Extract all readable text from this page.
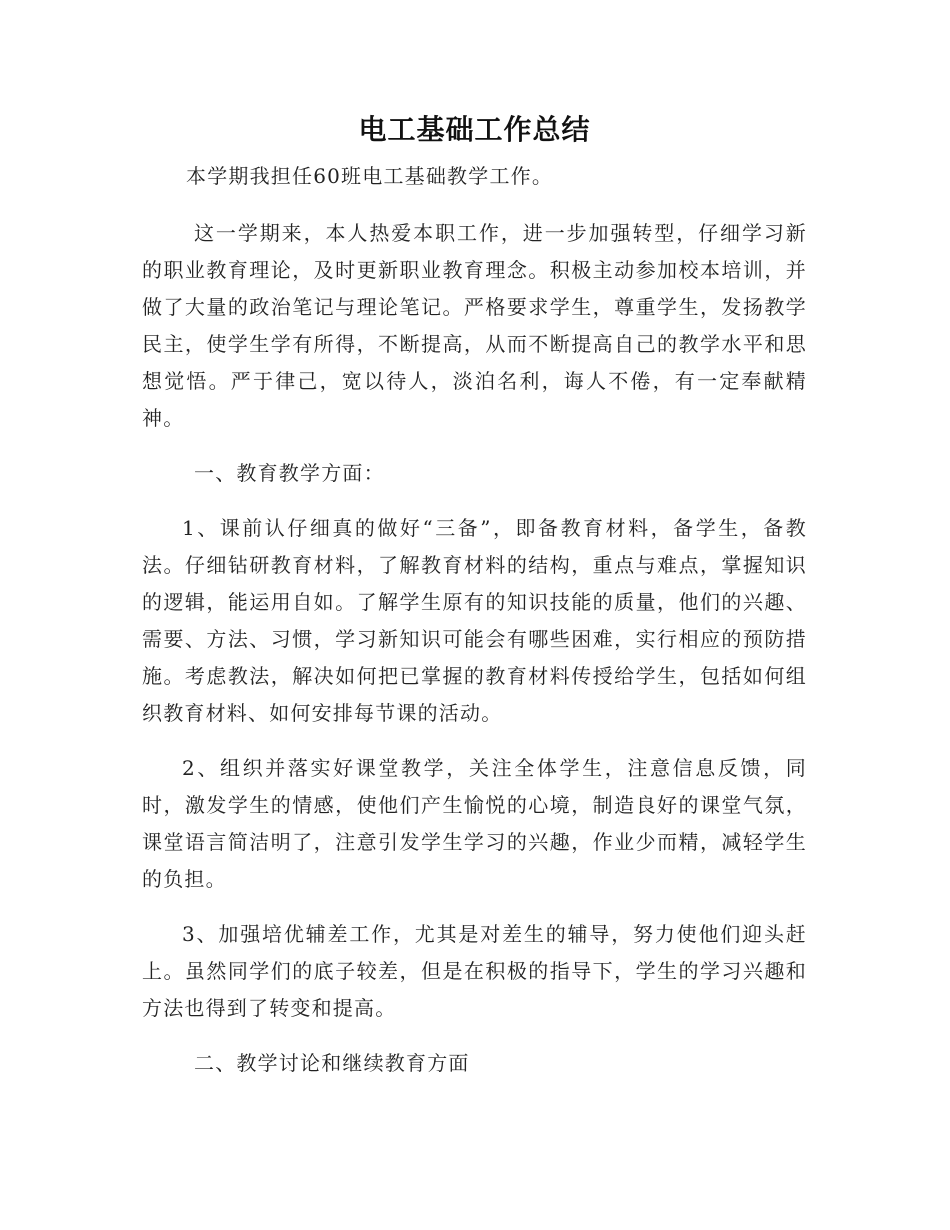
电工基础工作总结

本学期我担任60班电工基础教学工作。

这一学期来，本人热爱本职工作，进一步加强转型，仔细学习新的职业教育理论，及时更新职业教育理念。积极主动参加校本培训，并做了大量的政治笔记与理论笔记。严格要求学生，尊重学生，发扬教学民主，使学生学有所得，不断提高，从而不断提高自己的教学水平和思想觉悟。严于律己，宽以待人，淡泊名利，诲人不倦，有一定奉献精神。

一、教育教学方面：

1、课前认仔细真的做好“三备”，即备教育材料，备学生，备教法。仔细钻研教育材料，了解教育材料的结构，重点与难点，掌握知识的逻辑，能运用自如。了解学生原有的知识技能的质量，他们的兴趣、需要、方法、习惯，学习新知识可能会有哪些困难，实行相应的预防措施。考虑教法，解决如何把已掌握的教育材料传授给学生，包括如何组织教育材料、如何安排每节课的活动。

2、组织并落实好课堂教学，关注全体学生，注意信息反馈，同时，激发学生的情感，使他们产生愉悦的心境，制造良好的课堂气氛，课堂语言简洁明了，注意引发学生学习的兴趣，作业少而精，减轻学生的负担。

3、加强培优辅差工作，尤其是对差生的辅导，努力使他们迎头赶上。虽然同学们的底子较差，但是在积极的指导下，学生的学习兴趣和方法也得到了转变和提高。

二、教学讨论和继续教育方面
